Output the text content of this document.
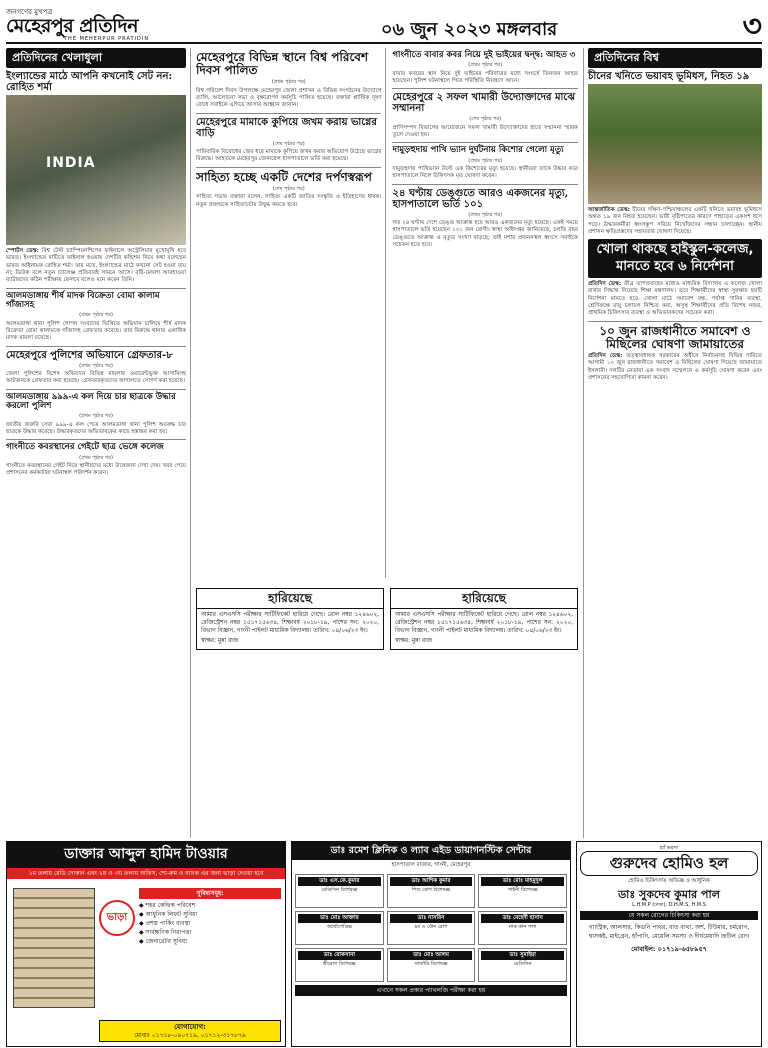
জনগণের মুখপত্র
মেহেরপুর প্রতিদিন
THE MEHERPUR PRATIDIN	০৬ জুন ২০২৩ মঙ্গলবার	৩
প্রতিদিনের খেলাধুলা
ইংল্যান্ডের মাঠে আপনি কখনোই সেট নন: রোহিত শর্মা
INDIA
স্পোর্টস ডেস্ক: বিশ্ব টেস্ট চ্যাম্পিয়নশিপের ফাইনালে অস্ট্রেলিয়ার মুখোমুখি হবে ভারত। ইংল্যান্ডের মাটিতে ফাইনাল হওয়ায় দেশটির কন্ডিশন নিয়ে কথা বলেছেন ভারত অধিনায়ক রোহিত শর্মা। তার মতে, ইংল্যান্ডের মাঠে কখনো সেট হওয়া যায় না; ডিউক বলে নতুন চ্যালেঞ্জ প্রতিবারই সামনে আসে। বৃষ্টি-মেঘলা আবহাওয়া ব্যাটারদের কঠিন পরীক্ষায় ফেলবে বলেও মনে করেন তিনি।
আলমডাঙ্গায় শীর্ষ মাদক বিক্রেতা বোমা কালাম গাঁজাসহ
(প্রথম পৃষ্ঠার পর)
আলমডাঙ্গা থানা পুলিশ গোপন সংবাদের ভিত্তিতে অভিযান চালিয়ে শীর্ষ মাদক বিক্রেতা বোমা কালামকে গাঁজাসহ গ্রেফতার করেছে। তার বিরুদ্ধে থানায় একাধিক মাদক মামলা রয়েছে।
মেহেরপুরে পুলিশের অভিযানে গ্রেফতার-৮
(প্রথম পৃষ্ঠার পর)
জেলা পুলিশের বিশেষ অভিযানে বিভিন্ন মামলায় ওয়ারেন্টভুক্ত আসামিসহ আটজনকে গ্রেফতার করা হয়েছে। গ্রেফতারকৃতদের আদালতে সোপর্দ করা হয়েছে।
আলমডাঙ্গায় ৯৯৯-এ কল দিয়ে চার ছাত্রকে উদ্ধার করলো পুলিশ
(প্রথম পৃষ্ঠার পর)
জাতীয় জরুরি সেবা ৯৯৯-এ কল পেয়ে আলমডাঙ্গা থানা পুলিশ অবরুদ্ধ চার ছাত্রকে উদ্ধার করেছে। উদ্ধারকৃতদের অভিভাবকের কাছে হস্তান্তর করা হয়।
গাংনীতে কবরস্থানের গেইটে ছাত্র ভেঙ্গে কলেজ
(প্রথম পৃষ্ঠার পর)
গাংনীতে কবরস্থানের গেইট নিয়ে স্থানীয়দের মধ্যে উত্তেজনা দেখা দেয়। খবর পেয়ে প্রশাসনের কর্মকর্তারা ঘটনাস্থল পরিদর্শন করেন।
মেহেরপুরে বিভিন্ন স্থানে বিশ্ব পরিবেশ দিবস পালিত
(প্রথম পৃষ্ঠার পর)
বিশ্ব পরিবেশ দিবস উপলক্ষে মেহেরপুর জেলা প্রশাসন ও বিভিন্ন সংগঠনের উদ্যোগে র‍্যালি, আলোচনা সভা ও বৃক্ষরোপণ কর্মসূচি পালিত হয়েছে। বক্তারা প্লাস্টিক দূষণ রোধে সবাইকে এগিয়ে আসার আহ্বান জানান।
মেহেরপুরে মামাকে কুপিয়ে জখম করায় ভাগ্নের বাড়ি
(শেষ পৃষ্ঠার পর)
পারিবারিক বিরোধের জের ধরে মামাকে কুপিয়ে জখম করার অভিযোগ উঠেছে ভাগ্নের বিরুদ্ধে। আহতকে মেহেরপুর জেনারেল হাসপাতালে ভর্তি করা হয়েছে।
সাহিত্য হচ্ছে একটি দেশের দর্পণস্বরূপ
(শেষ পৃষ্ঠার পর)
সাহিত্য সভায় বক্তারা বলেন, সাহিত্য একটি জাতির সংস্কৃতি ও ইতিহাসের ধারক। নতুন প্রজন্মকে সাহিত্যচর্চায় উদ্বুদ্ধ করতে হবে।
গাংনীতে বাবার কবর নিয়ে দুই ভাইয়ের দ্বন্দ্ব: আহত ৩
(প্রথম পৃষ্ঠার পর)
বাবার কবরের স্থান নিয়ে দুই ভাইয়ের পরিবারের মধ্যে সংঘর্ষে তিনজন আহত হয়েছেন। পুলিশ ঘটনাস্থলে গিয়ে পরিস্থিতি নিয়ন্ত্রণে আনে।
মেহেরপুরে ২ সফল খামারী উদ্যোক্তাদের মাঝে সম্মাননা
(শেষ পৃষ্ঠার পর)
প্রাণিসম্পদ বিভাগের আয়োজনে সফল খামারী উদ্যোক্তাদের হাতে সম্মাননা স্মারক তুলে দেওয়া হয়।
দামুড়হুদায় পাখি ভ্যান দুর্ঘটনায় কিশোর গেলো মৃত্যু
(প্রথম পৃষ্ঠার পর)
দামুড়হুদায় পাখিভ্যান উল্টে এক কিশোরের মৃত্যু হয়েছে। স্থানীয়রা তাকে উদ্ধার করে হাসপাতালে নিলে চিকিৎসক মৃত ঘোষণা করেন।
২৪ ঘণ্টায় ডেঙ্গুতে আরও একজনের মৃত্যু, হাসপাতালে ভর্তি ১০১
(প্রথম পৃষ্ঠার পর)
গত ২৪ ঘণ্টায় দেশে ডেঙ্গু আক্রান্ত হয়ে আরও একজনের মৃত্যু হয়েছে। একই সময়ে হাসপাতালে ভর্তি হয়েছেন ১০১ জন রোগী। স্বাস্থ্য অধিদপ্তর জানিয়েছে, চলতি বছর ডেঙ্গুতে আক্রান্ত ও মৃত্যুর সংখ্যা বাড়ছে; তাই মশার প্রজননস্থল ধ্বংসে সবাইকে সচেতন হতে হবে।
হারিয়েছে
আমার এসএসসি পরীক্ষার সার্টিফিকেট হারিয়ে গেছে। রোল নম্বর ১২৪৬০২, রেজিস্ট্রেশন নম্বর ১৫১৭১৫৬৩৪, শিক্ষাবর্ষ ২০১৮-১৯, পাশের সন: ২০২০, বিভাগ বিজ্ঞান, গাংনী পাইলট মাধ্যমিক বিদ্যালয়। তারিখ: ০৪/০৬/২৩ ইং।
স্বাক্ষর: মুন্না রাজ
হারিয়েছে
আমার এসএসসি পরীক্ষার সার্টিফিকেট হারিয়ে গেছে। রোল নম্বর ১২৪৬০২, রেজিস্ট্রেশন নম্বর ১৫১৭১৫৬৩৪, শিক্ষাবর্ষ ২০১৮-১৯, পাশের সন: ২০২০, বিভাগ বিজ্ঞান, গাংনী পাইলট মাধ্যমিক বিদ্যালয়। তারিখ: ০৪/০৬/২৩ ইং।
স্বাক্ষর: মুন্না রাজ
প্রতিদিনের বিশ্ব
চীনের খনিতে ভয়াবহ ভূমিধস, নিহত ১৯
আন্তর্জাতিক ডেস্ক: চীনের দক্ষিণ-পশ্চিমাঞ্চলের একটি খনিতে ভয়াবহ ভূমিধসে অন্তত ১৯ জন নিহত হয়েছেন। ভারী বৃষ্টিপাতের কারণে পাহাড়ের একাংশ ধসে পড়ে। উদ্ধারকর্মীরা ধ্বংসস্তূপ সরিয়ে নিখোঁজদের সন্ধান চালাচ্ছেন। স্থানীয় প্রশাসন ক্ষতিগ্রস্তদের সহায়তার ঘোষণা দিয়েছে।
খোলা থাকছে হাইস্কুল-কলেজ, মানতে হবে ৬ নির্দেশনা
প্রতিদিন ডেস্ক: তীব্র তাপপ্রবাহের মধ্যেও মাধ্যমিক বিদ্যালয় ও কলেজ খোলা রাখার সিদ্ধান্ত নিয়েছে শিক্ষা মন্ত্রণালয়। তবে শিক্ষার্থীদের স্বাস্থ্য সুরক্ষায় ছয়টি নির্দেশনা মানতে হবে: খোলা মাঠে সমাবেশ বন্ধ, পর্যাপ্ত পানির ব্যবস্থা, শ্রেণিকক্ষে বায়ু চলাচল নিশ্চিত করা, অসুস্থ শিক্ষার্থীদের প্রতি বিশেষ নজর, প্রাথমিক চিকিৎসার ব্যবস্থা ও অভিভাবকদের সচেতন করা।
১০ জুন রাজধানীতে সমাবেশ ও মিছিলের ঘোষণা জামায়াতের
প্রতিদিন ডেস্ক: তত্ত্বাবধায়ক সরকারের অধীনে নির্বাচনসহ বিভিন্ন দাবিতে আগামী ১০ জুন রাজধানীতে সমাবেশ ও মিছিলের ঘোষণা দিয়েছে জামায়াতে ইসলামী। দলটির নেতারা এক সংবাদ সম্মেলনে এ কর্মসূচি ঘোষণা করেন এবং প্রশাসনের সহযোগিতা কামনা করেন।
ডাক্তার আব্দুল হামিদ টাওয়ার
১ম তলায় রেডি দোকান এবং ২য় ও ৩য় তলায় অফিস, শো-রুম ও ব্যাংক এর জন্য ভাড়া দেওয়া হবে
ভাড়া
সুবিধাসমূহ:
◆ শহর কেন্দ্রিক পরিবেশ
◆ আধুনিক লিফট সুবিধা
◆ প্রশস্ত পার্কিং ব্যবস্থা
◆ সার্বক্ষণিক নিরাপত্তা
◆ জেনারেটর সুবিধা
যোগাযোগ:
মোবাঃ ০১৭১৮-০৯০৭১৯, ০১৭১২-৩১৭৮৭৯
ডাঃ রমেশ ক্লিনিক ও ল্যাব এইড ডায়াগনস্টিক সেন্টার
হাসপাতাল বাজার, গাংনী, মেহেরপুর
ডাঃ এস.কে.কুমার
মেডিসিন বিশেষজ্ঞ
ডাঃ আশিক কুমার
শিশু রোগ বিশেষজ্ঞ
ডাঃ মোঃ মাহমুদুল
গাইনী বিশেষজ্ঞ
ডাঃ মোঃ আক্তার
অর্থোপেডিক্স
ডাঃ নাসরিন
চর্ম ও যৌন রোগ
ডাঃ মেহেদী হাসান
নাক কান গলা
ডাঃ রোকসানা
স্ত্রীরোগ বিশেষজ্ঞ
ডাঃ মোঃ আলম
সার্জারি বিশেষজ্ঞ
ডাঃ সুমাইয়া
মেডিসিন
এখানে সকল প্রকার প্যাথলজি পরীক্ষা করা হয়
হ্যাঁ ভরসা
গুরুদেব হোমিও হল
হোমিও চিকিৎসায় অভিজ্ঞ ও আধুনিক
ডাঃ সুকদেব কুমার পাল
L.H.M.P (ঢাকা), D.H.M.S, H.M.S
যে সকল রোগের চিকিৎসা করা হয়
গ্যাস্ট্রিক, আলসার, কিডনি পাথর, বাত ব্যথা, অর্শ, টিউমার, চর্মরোগ, শ্বাসকষ্ট, মাইগ্রেন, হাঁপানি, মেয়েলি সমস্যা ও দীর্ঘমেয়াদি জটিল রোগ
মোবাইল: ০১৭১৯-৬৫৮৯৫৭
